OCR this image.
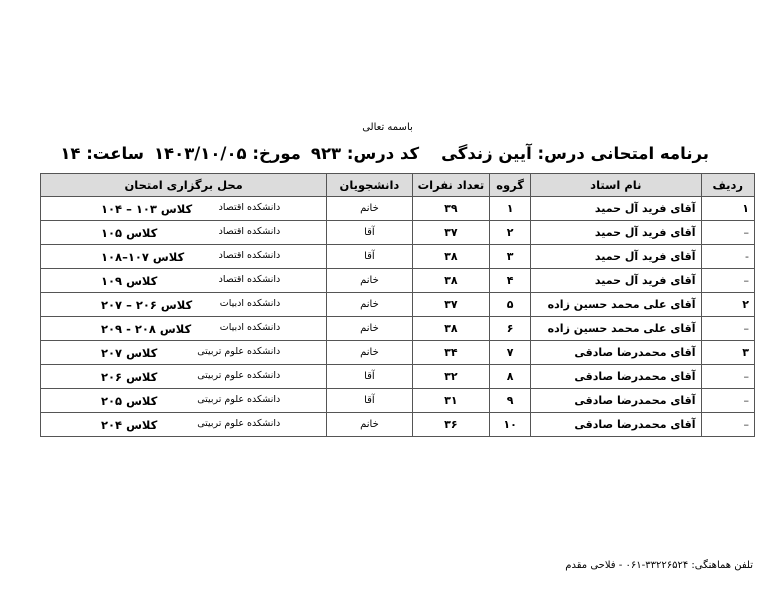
باسمه تعالی
برنامه امتحانی درس: آیین زندگیکد درس: ۹۲۳مورخ: ۱۴۰۳/۱۰/۰۵ساعت: ۱۴
ردیف	نام استاد	گروه	تعداد نفرات	دانشجویان	محل برگزاری امتحان
۱	آقای فرید آل حمید	۱	۳۹	خانم	دانشکده اقتصاد
کلاس ۱۰۳ – ۱۰۴

–	آقای فرید آل حمید	۲	۳۷	آقا	دانشکده اقتصاد
کلاس ۱۰۵

-	آقای فرید آل حمید	۳	۳۸	آقا	دانشکده اقتصاد
کلاس ۱۰۷–۱۰۸

–	آقای فرید آل حمید	۴	۳۸	خانم	دانشکده اقتصاد
کلاس ۱۰۹

۲	آقای علی محمد حسین زاده	۵	۳۷	خانم	دانشکده ادبیات
کلاس ۲۰۶ – ۲۰۷

–	آقای علی محمد حسین زاده	۶	۳۸	خانم	دانشکده ادبیات
کلاس ۲۰۸ - ۲۰۹

۳	آقای محمدرضا صادقی	۷	۳۴	خانم	دانشکده علوم تربیتی
کلاس ۲۰۷

–	آقای محمدرضا صادقی	۸	۳۲	آقا	دانشکده علوم تربیتی
کلاس ۲۰۶

–	آقای محمدرضا صادقی	۹	۳۱	آقا	دانشکده علوم تربیتی
کلاس ۲۰۵

–	آقای محمدرضا صادقی	۱۰	۳۶	خانم	دانشکده علوم تربیتی
کلاس ۲۰۴
تلفن هماهنگی: ۳۳۲۲۶۵۲۴-۰۶۱ - فلاحی مقدم
